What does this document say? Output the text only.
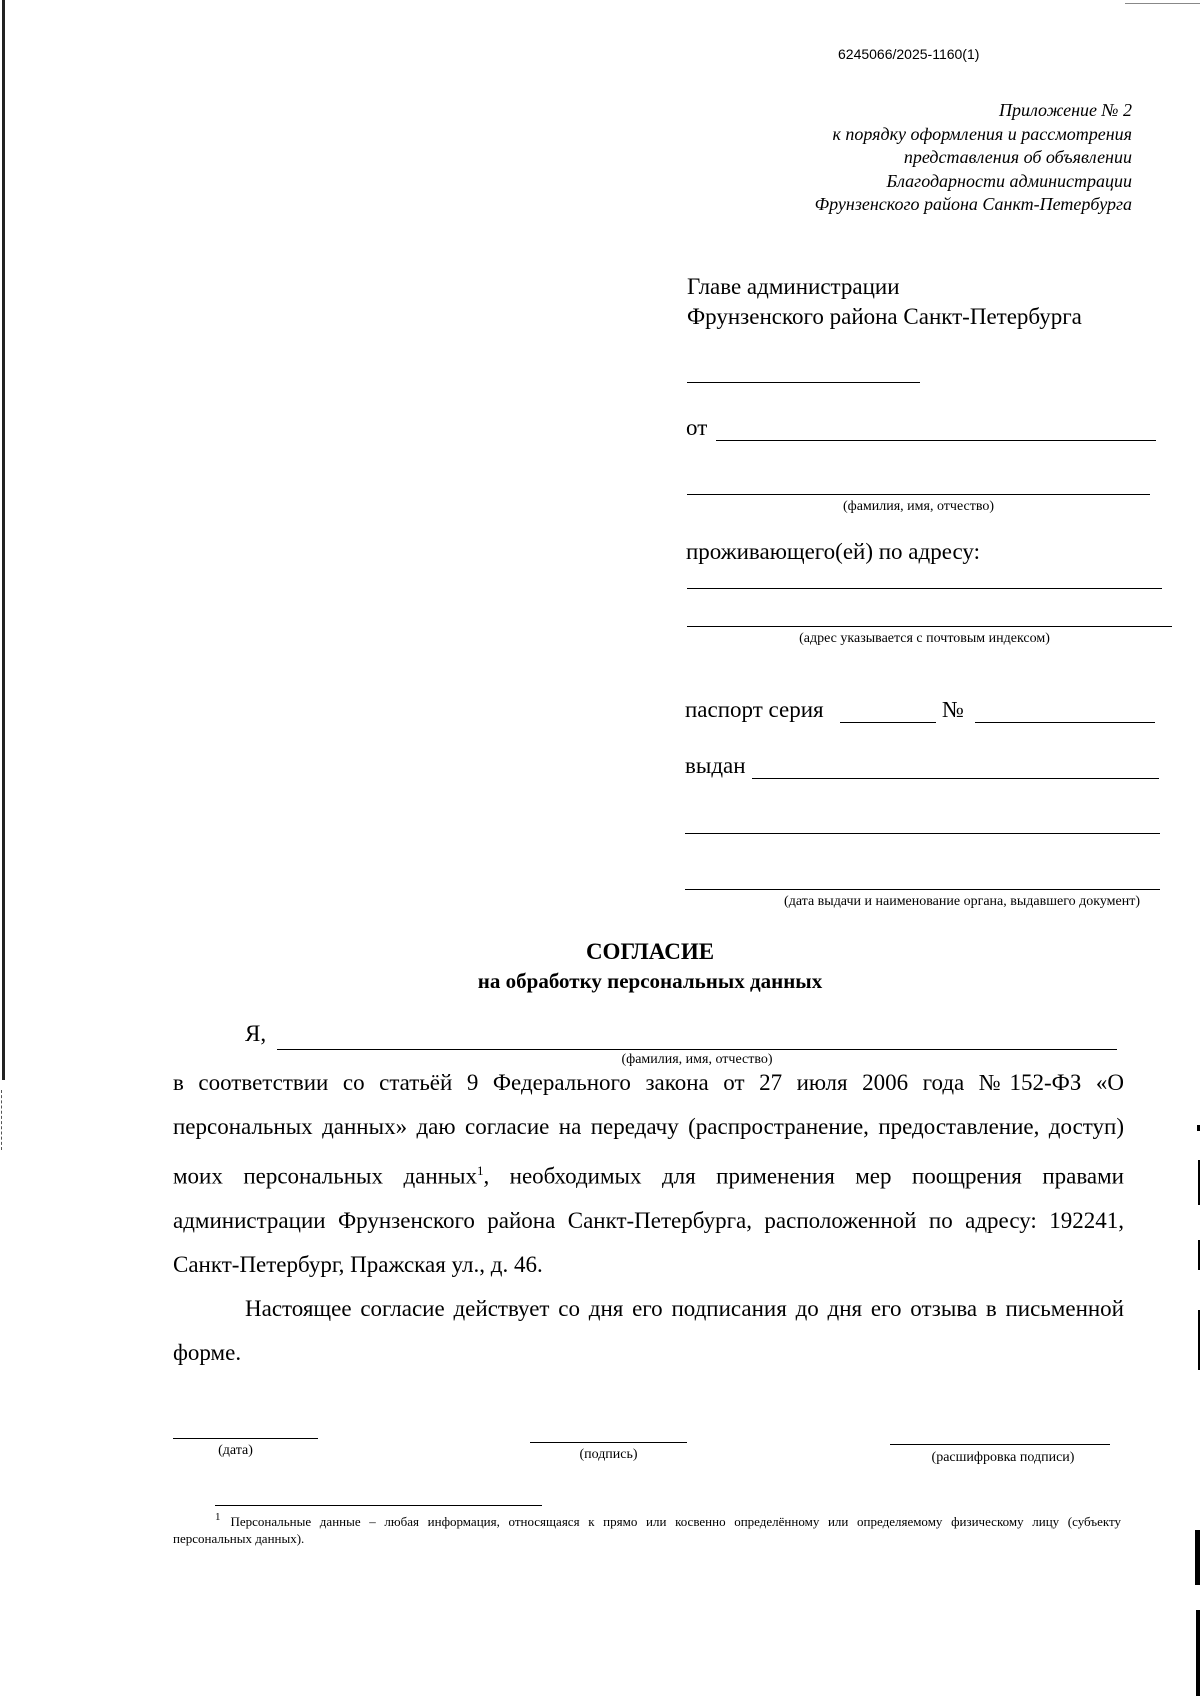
6245066/2025-1160(1)
Приложение № 2
к порядку оформления и рассмотрения
представления об объявлении
Благодарности администрации
Фрунзенского района Санкт-Петербурга
Главе администрации
Фрунзенского района Санкт-Петербурга
от
(фамилия, имя, отчество)
проживающего(ей) по адресу:
(адрес указывается с почтовым индексом)
паспорт серия	№
выдан
(дата выдачи и наименование органа, выдавшего документ)
СОГЛАСИЕ
на обработку персональных данных
Я,
(фамилия, имя, отчество)
в соответствии со статьёй 9 Федерального закона от 27 июля 2006 года №152-ФЗ «О персональных данных» даю согласие на передачу (распространение, предоставление, доступ) моих персональных данных$^1$, необходимых для применения мер поощрения правами администрации Фрунзенского района Санкт-Петербурга, расположенной по адресу: 192241, Санкт-Петербург, Пражская ул., д. 46.
Настоящее согласие действует со дня его подписания до дня его отзыва в письменной форме.
(дата)	(подпись)	(расшифровка подписи)
$^1$ Персональные данные – любая информация, относящаяся к прямо или косвенно определённому или определяемому физическому лицу (субъекту персональных данных).
